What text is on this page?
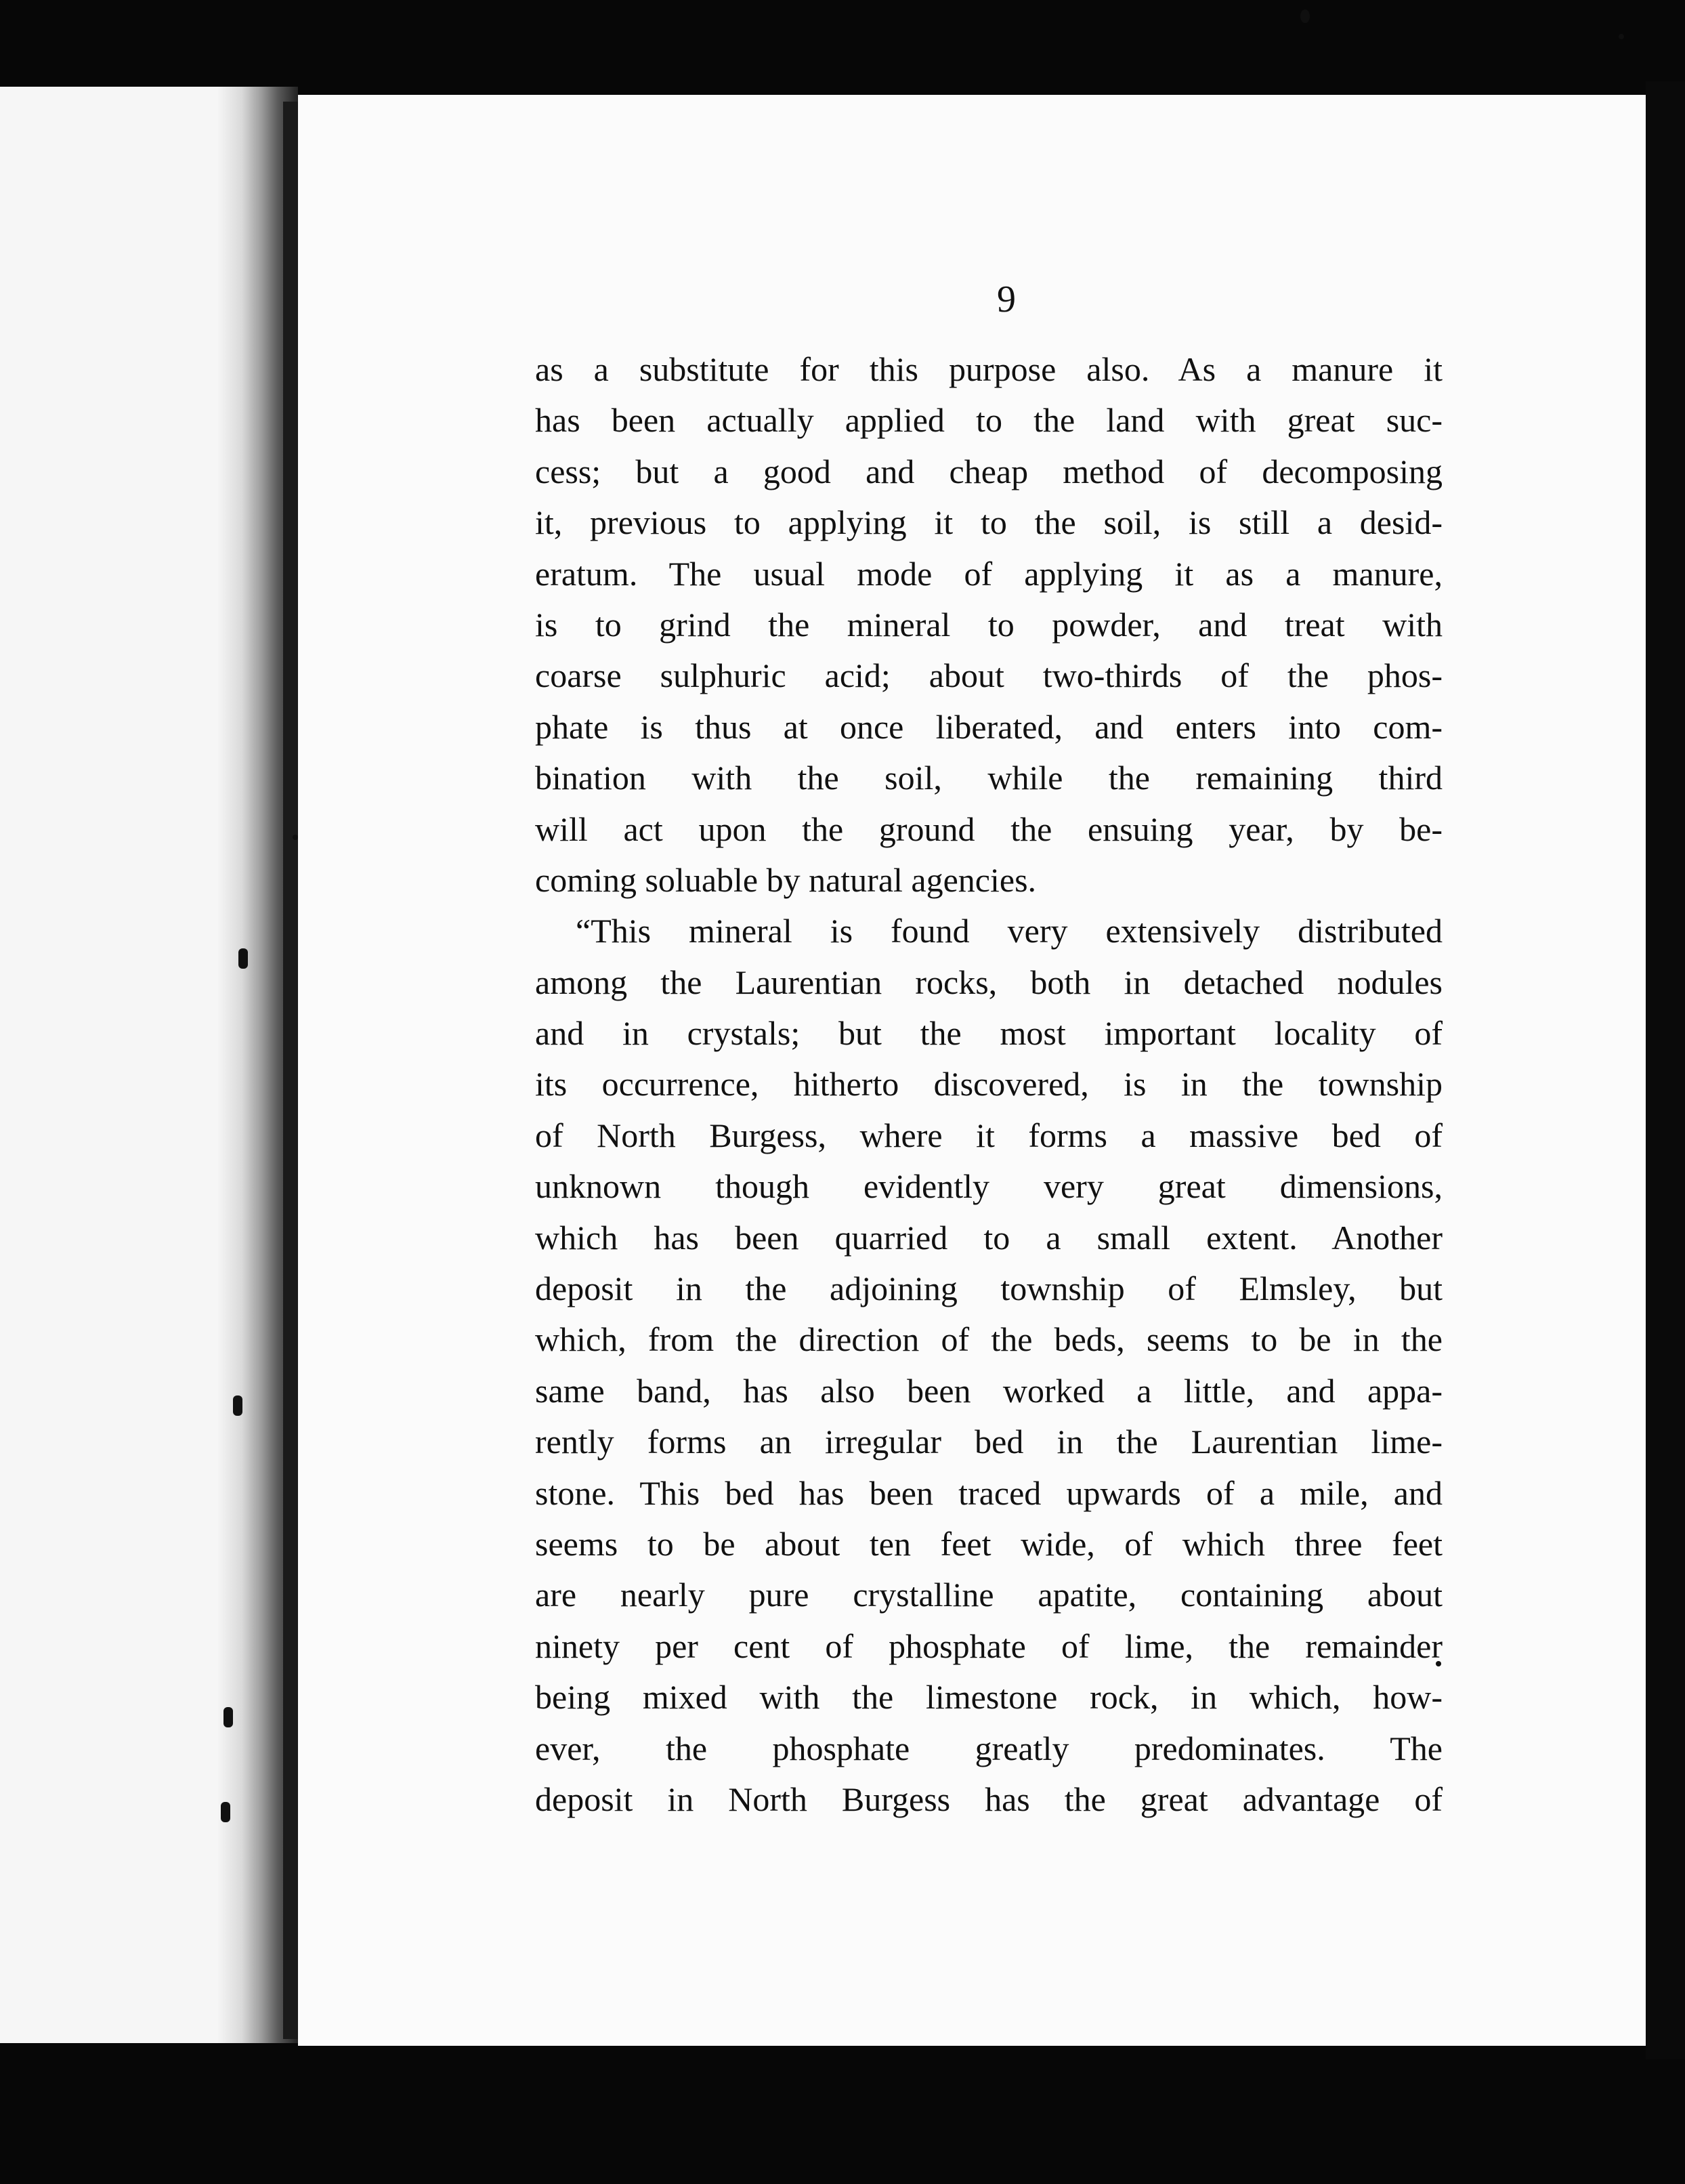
9
as a substitute for this purpose also. As a manure it
has been actually applied to the land with great suc-
cess; but a good and cheap method of decomposing
it, previous to applying it to the soil, is still a desid-
eratum. The usual mode of applying it as a manure,
is to grind the mineral to powder, and treat with
coarse sulphuric acid; about two-thirds of the phos-
phate is thus at once liberated, and enters into com-
bination with the soil, while the remaining third
will act upon the ground the ensuing year, by be-
coming soluable by natural agencies.
“This mineral is found very extensively distributed
among the Laurentian rocks, both in detached nodules
and in crystals; but the most important locality of
its occurrence, hitherto discovered, is in the township
of North Burgess, where it forms a massive bed of
unknown though evidently very great dimensions,
which has been quarried to a small extent. Another
deposit in the adjoining township of Elmsley, but
which, from the direction of the beds, seems to be in the
same band, has also been worked a little, and appa-
rently forms an irregular bed in the Laurentian lime-
stone. This bed has been traced upwards of a mile, and
seems to be about ten feet wide, of which three feet
are nearly pure crystalline apatite, containing about
ninety per cent of phosphate of lime, the remainder
being mixed with the limestone rock, in which, how-
ever, the phosphate greatly predominates. The
deposit in North Burgess has the great advantage of
